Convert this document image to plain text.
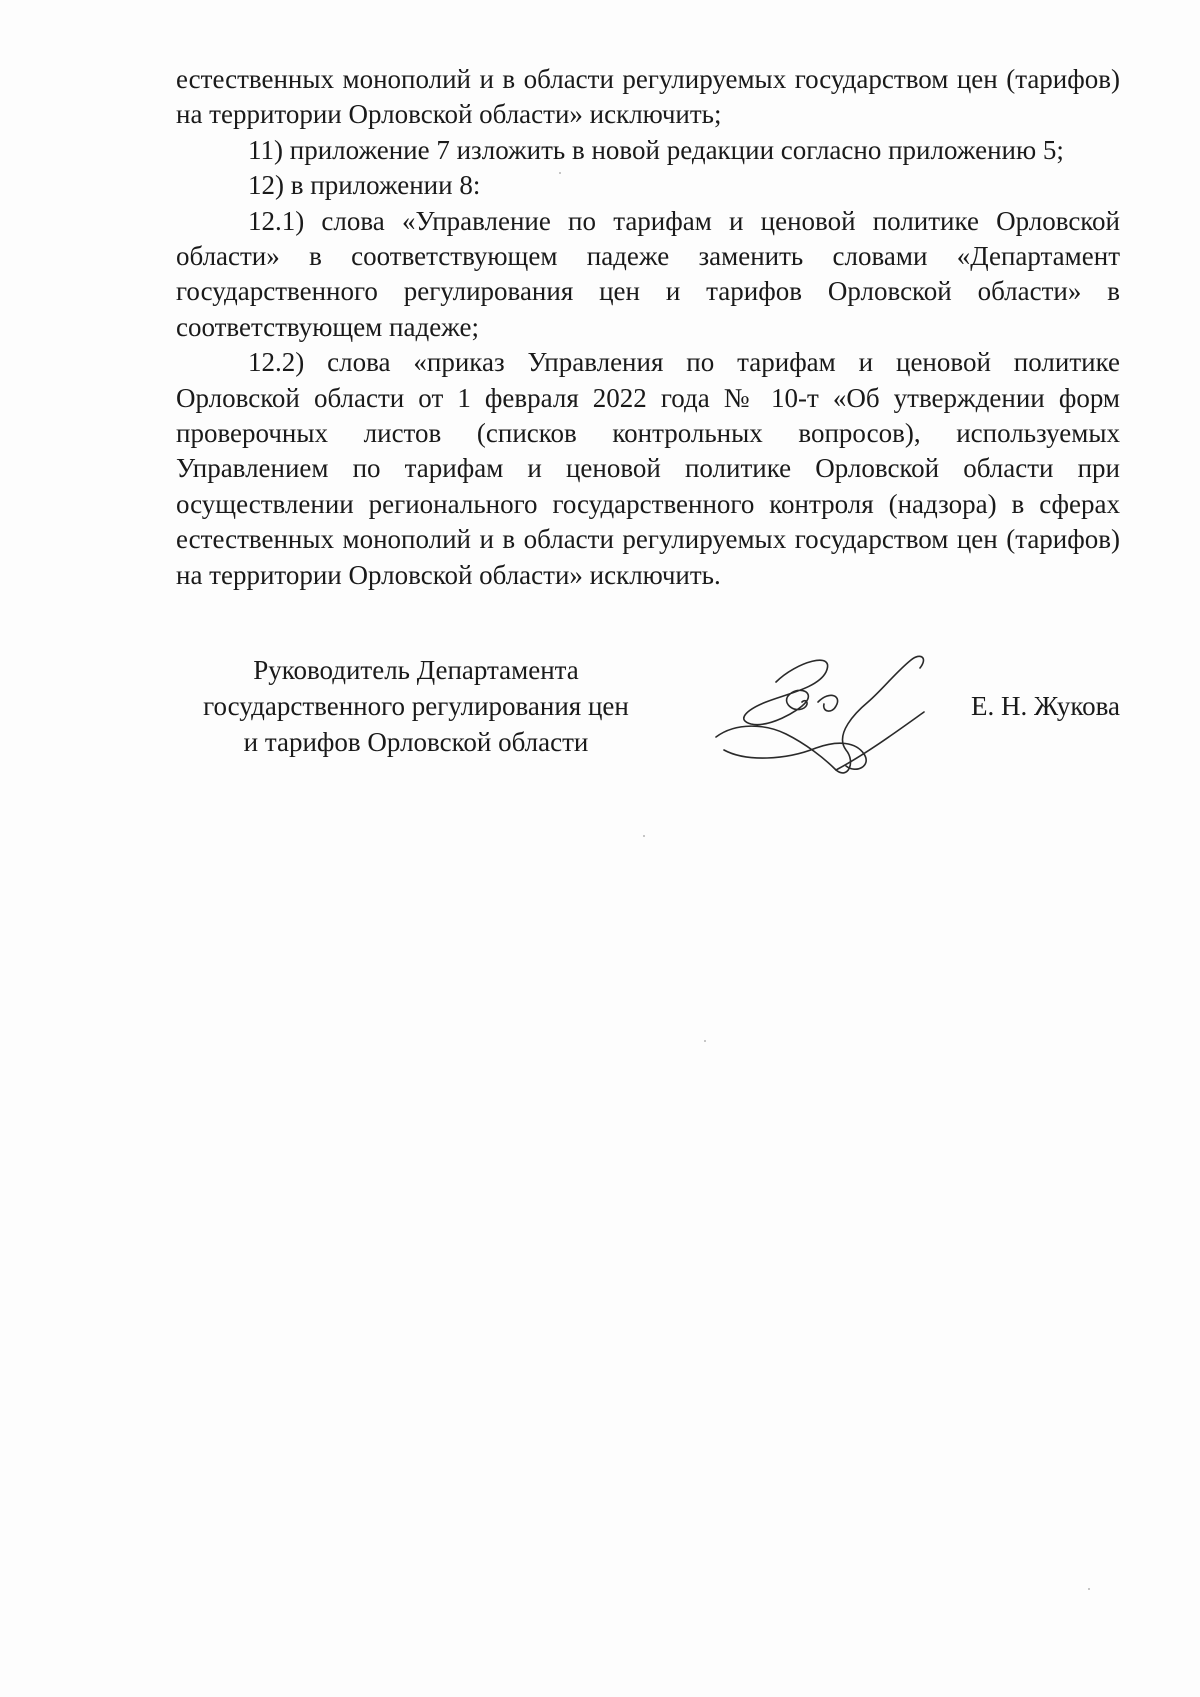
естественных монополий и в области регулируемых государством цен (тарифов) на территории Орловской области» исключить;

11) приложение 7 изложить в новой редакции согласно приложению 5;

12) в приложении 8:

12.1) слова «Управление по тарифам и ценовой политике Орловской области» в соответствующем падеже заменить словами «Департамент государственного регулирования цен и тарифов Орловской области» в соответствующем падеже;

12.2) слова «приказ Управления по тарифам и ценовой политике Орловской области от 1 февраля 2022 года № 10-т «Об утверждении форм проверочных листов (списков контрольных вопросов), используемых Управлением по тарифам и ценовой политике Орловской области при осуществлении регионального государственного контроля (надзора) в сферах естественных монополий и в области регулируемых государством цен (тарифов) на территории Орловской области» исключить.

Руководитель Департамента
государственного регулирования цен
и тарифов Орловской области
Е. Н. Жукова
